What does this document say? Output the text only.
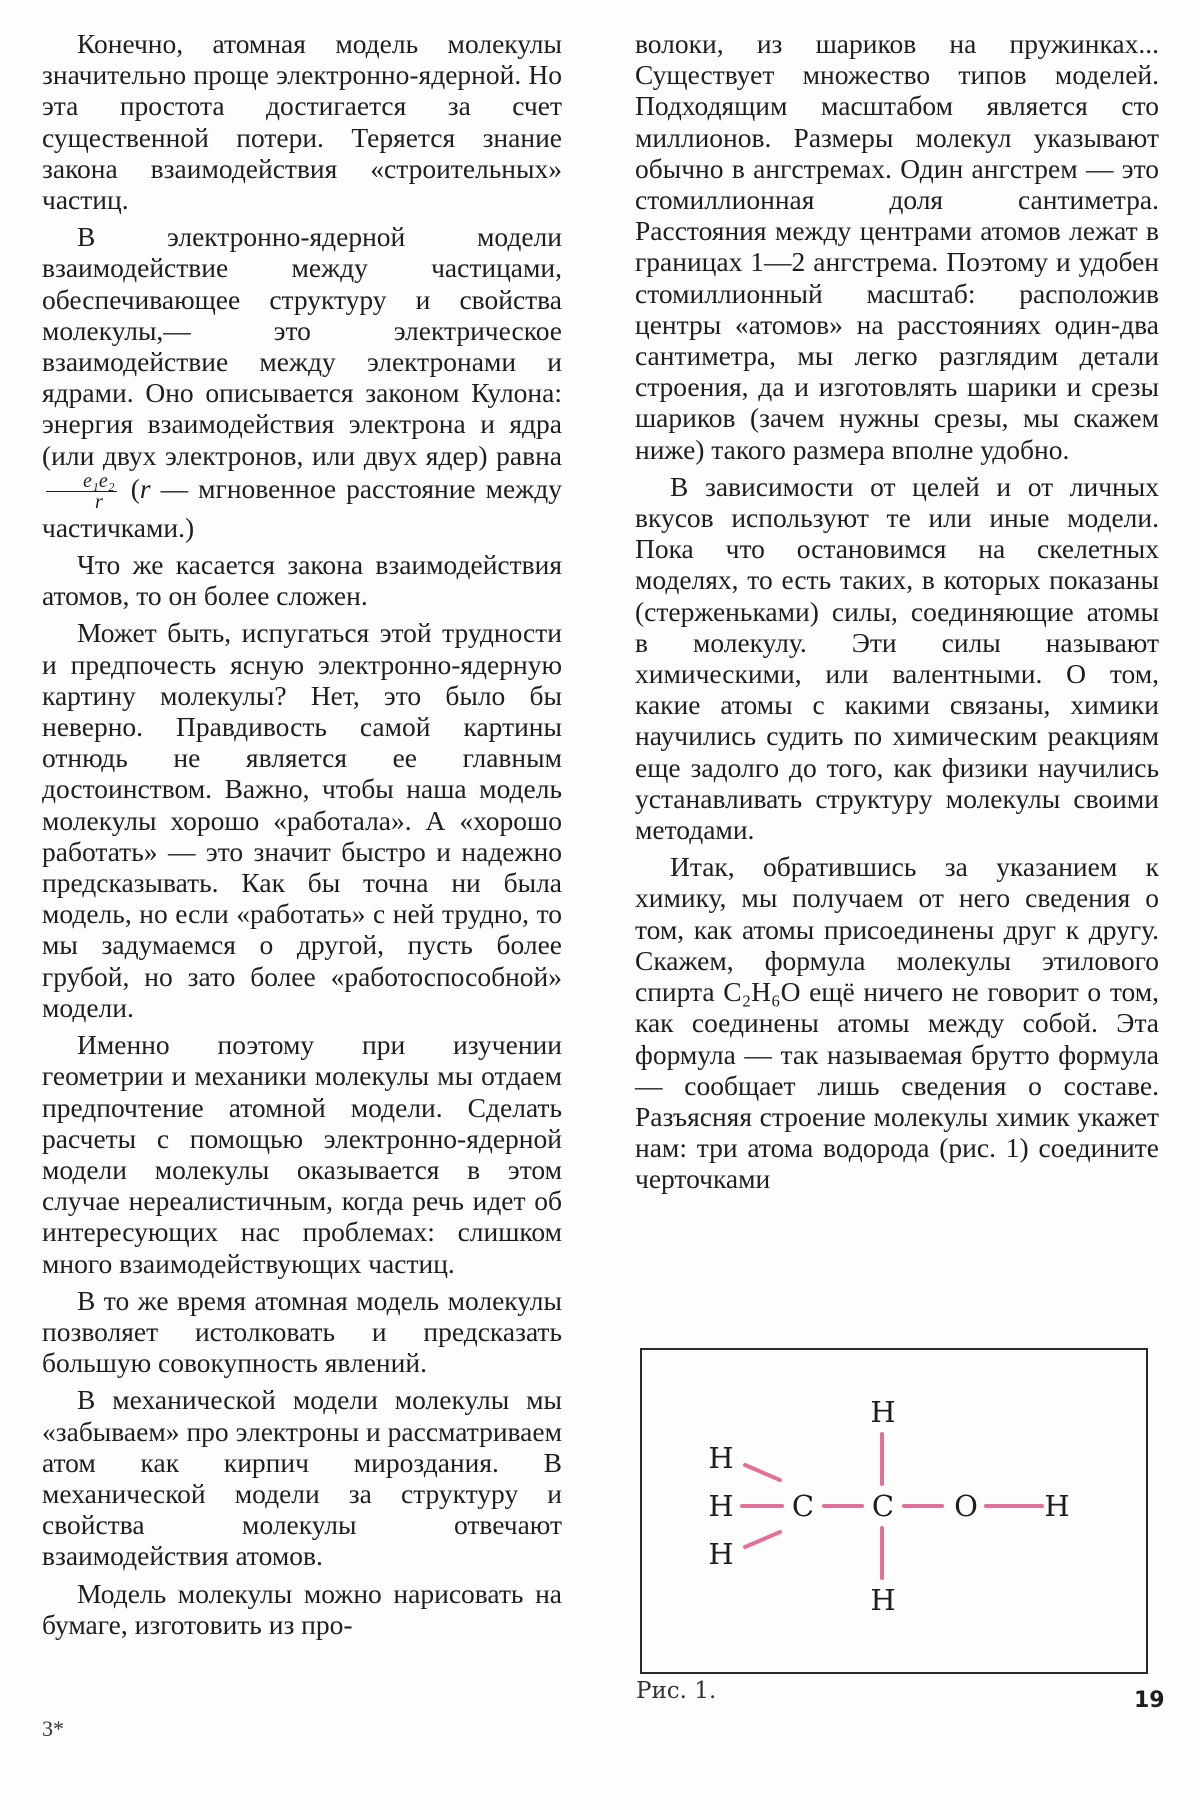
Конечно, атомная модель молекулы значительно проще электронно-ядерной. Но эта простота достигается за счет существенной потери. Теряется знание закона взаимодействия «строительных» частиц.

В электронно-ядерной модели взаимодействие между частицами, обеспечивающее структуру и свойства молекулы,— это электрическое взаимодействие между электронами и ядрами. Оно описывается законом Кулона: энергия взаимодействия электрона и ядра (или двух электронов, или двух ядер) равна
$\frac{\text{e₁e₂}}{r} (r$ — мгновенное расстояние между частичками.)

Что же касается закона взаимодействия атомов, то он более сложен.

Может быть, испугаться этой трудности и предпочесть ясную электронно-ядерную картину молекулы? Нет, это было бы неверно. Правдивость самой картины отнюдь не является ее главным достоинством. Важно, чтобы наша модель молекулы хорошо «работала». А «хорошо работать» — это значит быстро и надежно предсказывать. Как бы точна ни была модель, но если «работать» с ней трудно, то мы задумаемся о другой, пусть более грубой, но зато более «работоспособной» модели.

Именно поэтому при изучении геометрии и механики молекулы мы отдаем предпочтение атомной модели. Сделать расчеты с помощью электронно-ядерной модели молекулы оказывается в этом случае нереалистичным, когда речь идет об интересующих нас проблемах: слишком много взаимодействующих частиц.

В то же время атомная модель молекулы позволяет истолковать и предсказать большую совокупность явлений.

В механической модели молекулы мы «забываем» про электроны и рассматриваем атом как кирпич мироздания. В механической модели за структуру и свойства молекулы отвечают взаимодействия атомов.

Модель молекулы можно нарисовать на бумаге, изготовить из про-

волоки, из шариков на пружинках... Существует множество типов моделей. Подходящим масштабом является сто миллионов. Размеры молекул указывают обычно в ангстремах. Один ангстрем — это стомиллионная доля сантиметра. Расстояния между центрами атомов лежат в границах 1—2 ангстрема. Поэтому и удобен стомиллионный масштаб: расположив центры «атомов» на расстояниях один-два сантиметра, мы легко разглядим детали строения, да и изготовлять шарики и срезы шариков (зачем нужны срезы, мы скажем ниже) такого размера вполне удобно.

В зависимости от целей и от личных вкусов используют те или иные модели. Пока что остановимся на скелетных моделях, то есть таких, в которых показаны (стерженьками) силы, соединяющие атомы в молекулу. Эти силы называют химическими, или валентными. О том, какие атомы с какими связаны, химики научились судить по химическим реакциям еще задолго до того, как физики научились устанавливать структуру молекулы своими методами.

Итак, обратившись за указанием к химику, мы получаем от него сведения о том, как атомы присоединены друг к другу. Скажем, формула молекулы этилового спирта C₂H₆O ещё ничего не говорит о том, как соединены атомы между собой. Эта формула — так называемая брутто формула — сообщает лишь сведения о составе. Разъясняя строение молекулы химик укажет нам: три атома водорода (рис. 1) соедините черточками

H
H
H
C C
H
H
O H
Рис. 1.	19
3*
